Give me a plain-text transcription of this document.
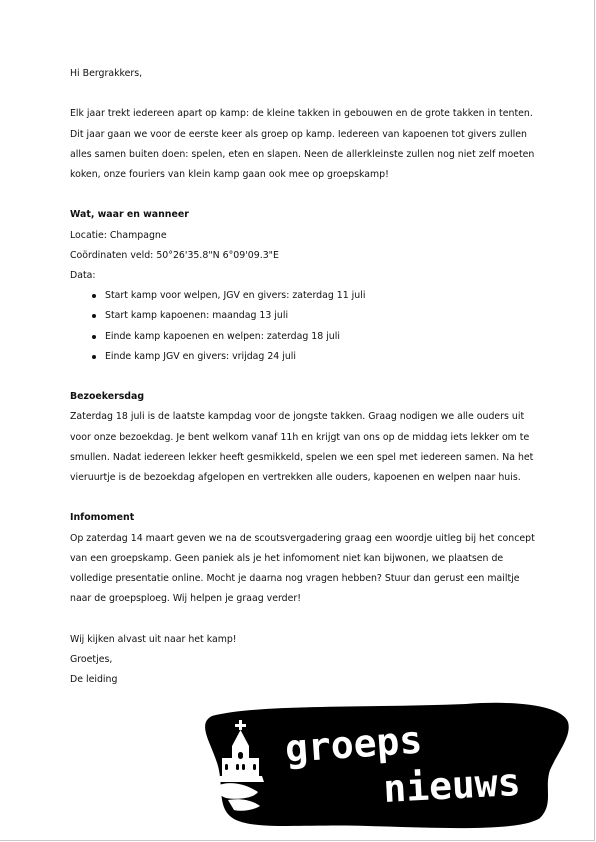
Hi Bergrakkers,

Elk jaar trekt iedereen apart op kamp: de kleine takken in gebouwen en de grote takken in tenten. Dit jaar gaan we voor de eerste keer als groep op kamp. Iedereen van kapoenen tot givers zullen alles samen buiten doen: spelen, eten en slapen. Neen de allerkleinste zullen nog niet zelf moeten koken, onze fouriers van klein kamp gaan ook mee op groepskamp!

Wat, waar en wanneer

Locatie: Champagne

Coördinaten veld: 50°26'35.8"N 6°09'09.3"E

Data:

Start kamp voor welpen, JGV en givers: zaterdag 11 juli
Start kamp kapoenen: maandag 13 juli
Einde kamp kapoenen en welpen: zaterdag 18 juli
Einde kamp JGV en givers: vrijdag 24 juli

Bezoekersdag

Zaterdag 18 juli is de laatste kampdag voor de jongste takken. Graag nodigen we alle ouders uit voor onze bezoekdag. Je bent welkom vanaf 11h en krijgt van ons op de middag iets lekker om te smullen. Nadat iedereen lekker heeft gesmikkeld, spelen we een spel met iedereen samen. Na het vieruurtje is de bezoekdag afgelopen en vertrekken alle ouders, kapoenen en welpen naar huis.

Infomoment

Op zaterdag 14 maart geven we na de scoutsvergadering graag een woordje uitleg bij het concept van een groepskamp. Geen paniek als je het infomoment niet kan bijwonen, we plaatsen de volledige presentatie online. Mocht je daarna nog vragen hebben? Stuur dan gerust een mailtje naar de groepsploeg. Wij helpen je graag verder!

Wij kijken alvast uit naar het kamp!

Groetjes,

De leiding

groeps
nieuws
